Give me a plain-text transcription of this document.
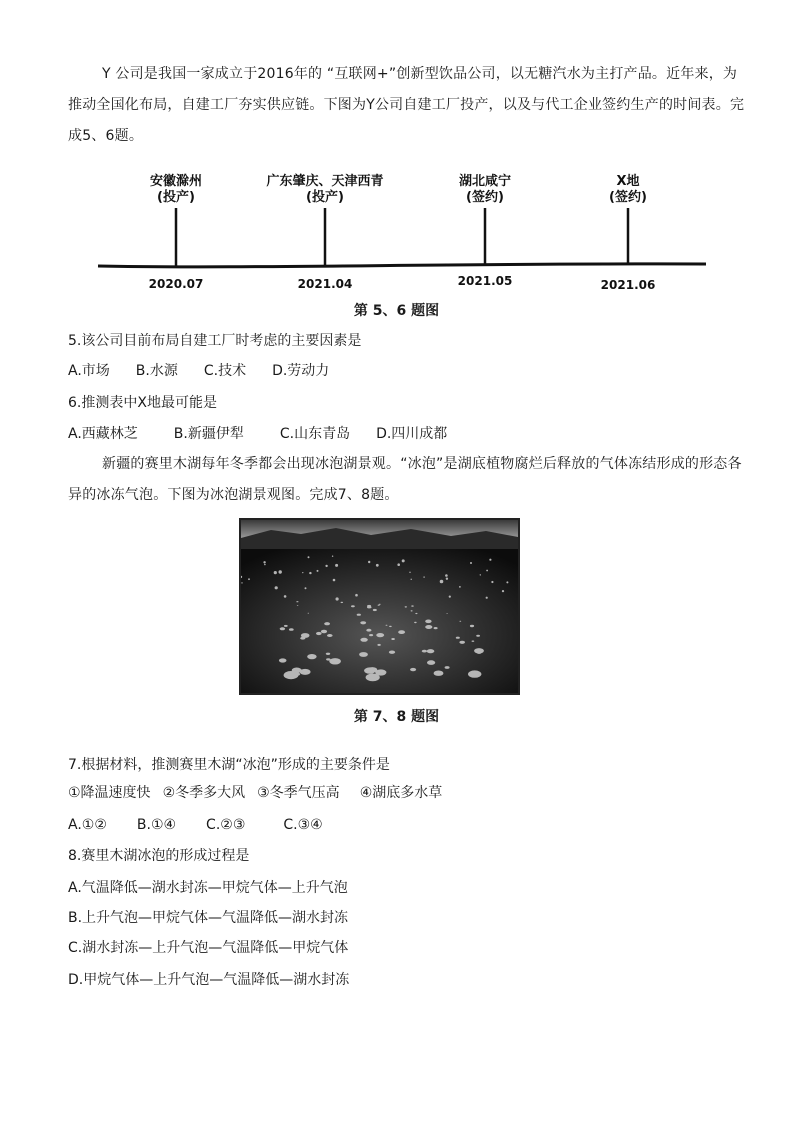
Y 公司是我国一家成立于2016年的 “互联网+”创新型饮品公司，以无糖汽水为主打产品。近年来，为推动全国化布局，自建工厂夯实供应链。下图为Y公司自建工厂投产，以及与代工企业签约生产的时间表。完成5、6题。

安徽滁州
(投产)
2020.07
广东肇庆、天津西青
(投产)
2021.04
湖北咸宁
(签约)
2021.05
X地
(签约)
2021.06
第 5、6 题图
5.该公司目前布局自建工厂时考虑的主要因素是
A.市场 B.水源 C.技术 D.劳动力
6.推测表中X地最可能是
A.西藏林芝	B.新疆伊犁	C.山东青岛 D.四川成都

新疆的赛里木湖每年冬季都会出现冰泡湖景观。“冰泡”是湖底植物腐烂后释放的气体冻结形成的形态各异的冰冻气泡。下图为冰泡湖景观图。完成7、8题。

第 7、8 题图
7.根据材料，推测赛里木湖“冰泡”形成的主要条件是
①降温速度快 ②冬季多大风 ③冬季气压高 ④湖底多水草
A.①② B.①④ C.②③	C.③④
8.赛里木湖冰泡的形成过程是
A.气温降低—湖水封冻—甲烷气体—上升气泡
B.上升气泡—甲烷气体—气温降低—湖水封冻
C.湖水封冻—上升气泡—气温降低—甲烷气体
D.甲烷气体—上升气泡—气温降低—湖水封冻
